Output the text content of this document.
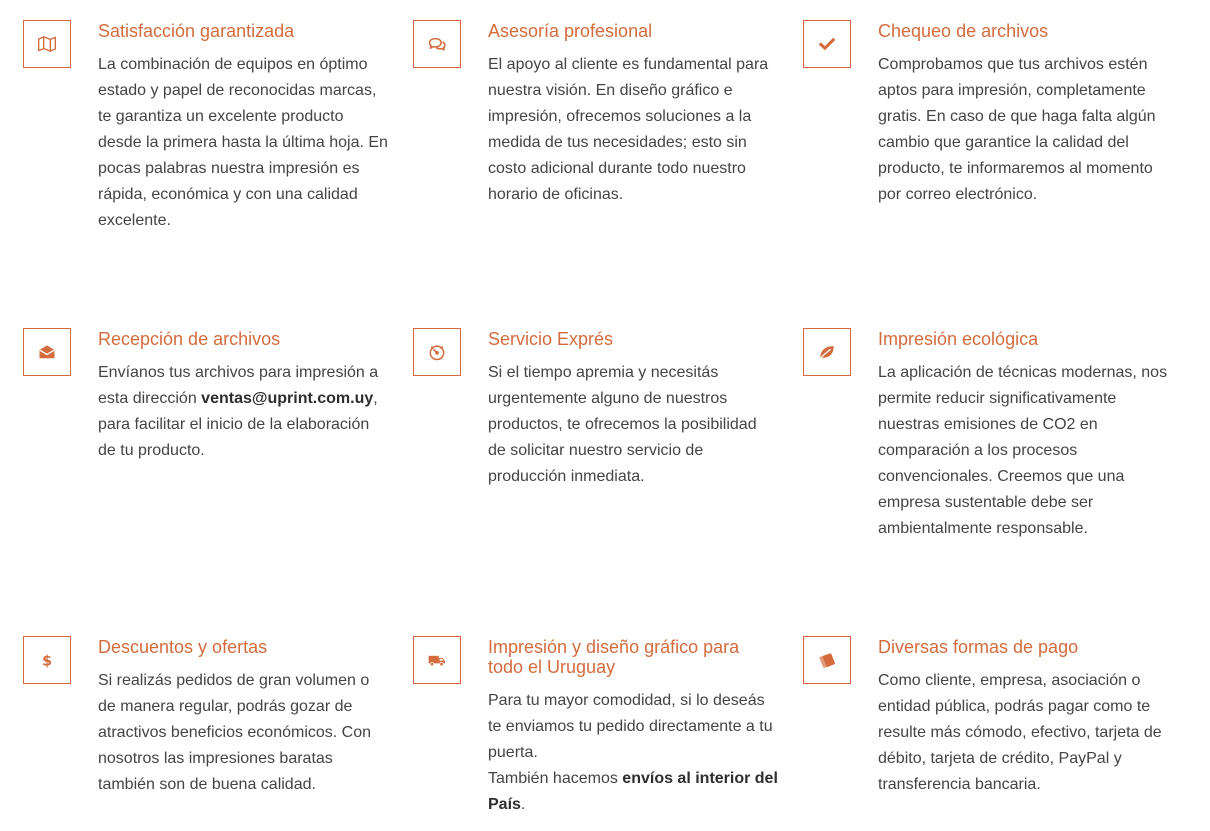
Satisfacción garantizada

La combinación de equipos en óptimo estado y papel de reconocidas marcas, te garantiza un excelente producto desde la primera hasta la última hoja. En pocas palabras nuestra impresión es rápida, económica y con una calidad excelente.

Asesoría profesional

El apoyo al cliente es fundamental para nuestra visión. En diseño gráfico e impresión, ofrecemos soluciones a la medida de tus necesidades; esto sin costo adicional durante todo nuestro horario de oficinas.

Chequeo de archivos

Comprobamos que tus archivos estén aptos para impresión, completamente gratis. En caso de que haga falta algún cambio que garantice la calidad del producto, te informaremos al momento por correo electrónico.

Recepción de archivos

Envíanos tus archivos para impresión a esta dirección ventas@uprint.com.uy, para facilitar el inicio de la elaboración de tu producto.

Servicio Exprés

Si el tiempo apremia y necesitás urgentemente alguno de nuestros productos, te ofrecemos la posibilidad de solicitar nuestro servicio de producción inmediata.

Impresión ecológica

La aplicación de técnicas modernas, nos permite reducir significativamente nuestras emisiones de CO2 en comparación a los procesos convencionales. Creemos que una empresa sustentable debe ser ambientalmente responsable.

$
Descuentos y ofertas

Si realizás pedidos de gran volumen o de manera regular, podrás gozar de atractivos beneficios económicos. Con nosotros las impresiones baratas también son de buena calidad.

Impresión y diseño gráfico para todo el Uruguay

Para tu mayor comodidad, si lo deseás te enviamos tu pedido directamente a tu puerta.
También hacemos envíos al interior del País.

Diversas formas de pago

Como cliente, empresa, asociación o entidad pública, podrás pagar como te resulte más cómodo, efectivo, tarjeta de débito, tarjeta de crédito, PayPal y transferencia bancaria.
